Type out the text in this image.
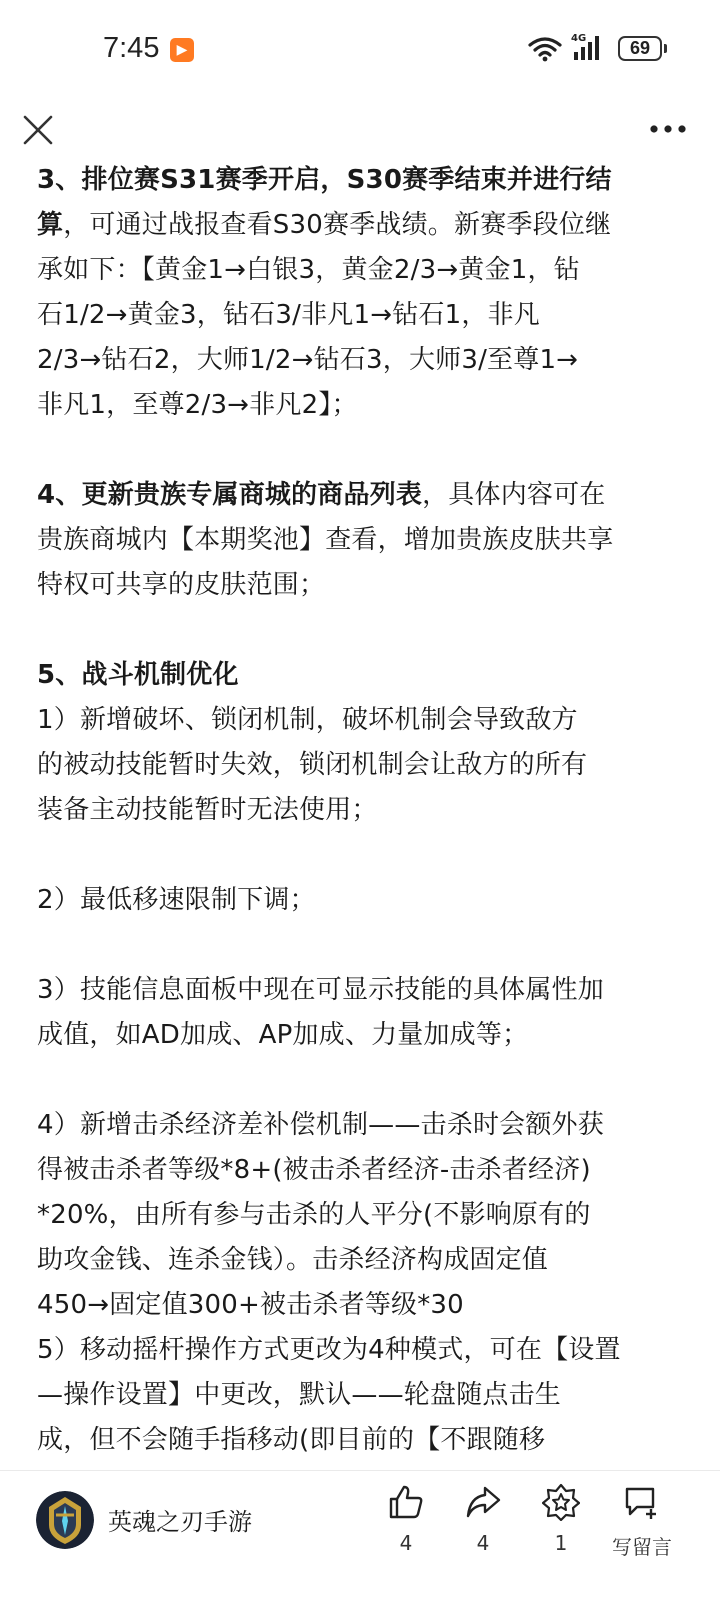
7:45	▶
4G	69

3、排位赛S31赛季开启，S30赛季结束并进行结
算，可通过战报查看S30赛季战绩。新赛季段位继
承如下：【黄金1→白银3，黄金2/3→黄金1，钻
石1/2→黄金3，钻石3/非凡1→钻石1，非凡
2/3→钻石2，大师1/2→钻石3，大师3/至尊1→
非凡1，至尊2/3→非凡2】；

4、更新贵族专属商城的商品列表，具体内容可在
贵族商城内【本期奖池】查看，增加贵族皮肤共享
特权可共享的皮肤范围；

5、战斗机制优化
1）新增破坏、锁闭机制，破坏机制会导致敌方
的被动技能暂时失效，锁闭机制会让敌方的所有
装备主动技能暂时无法使用；

2）最低移速限制下调；

3）技能信息面板中现在可显示技能的具体属性加
成值，如AD加成、AP加成、力量加成等；

4）新增击杀经济差补偿机制——击杀时会额外获
得被击杀者等级*8+(被击杀者经济-击杀者经济)
*20%，由所有参与击杀的人平分(不影响原有的
助攻金钱、连杀金钱）。击杀经济构成固定值
450→固定值300+被击杀者等级*30

5）移动摇杆操作方式更改为4种模式，可在【设置
—操作设置】中更改，默认——轮盘随点击生
成，但不会随手指移动(即目前的【不跟随移

英魂之刃手游
4	4	1	写留言
